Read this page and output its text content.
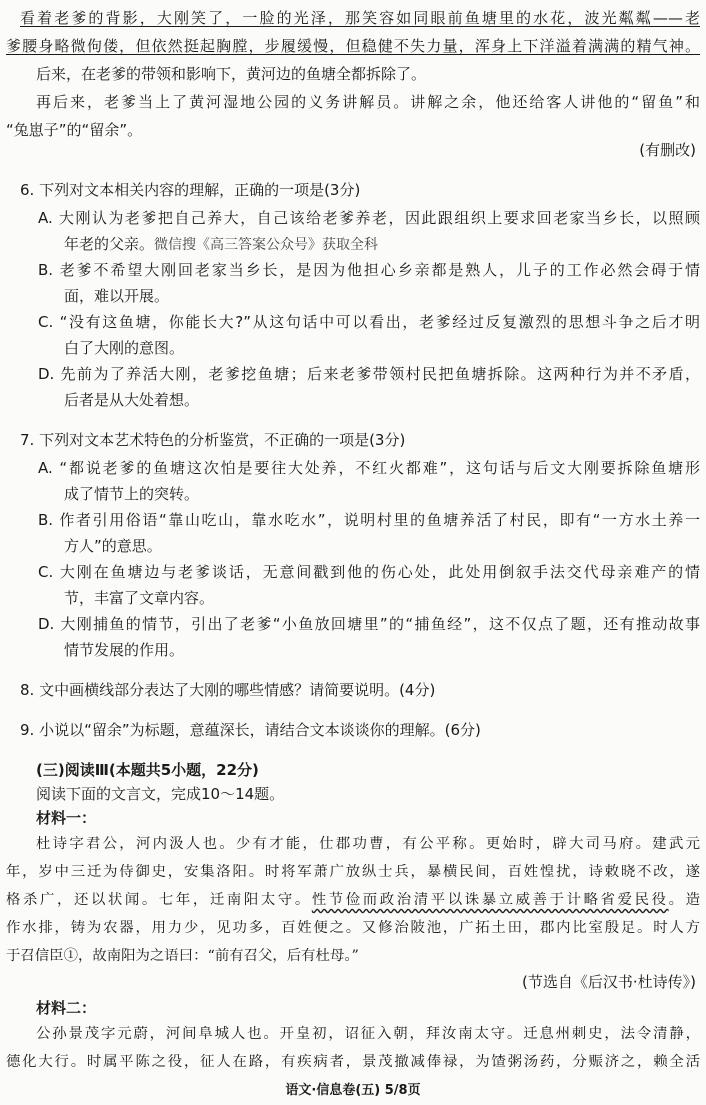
看着老爹的背影，大刚笑了，一脸的光泽，那笑容如同眼前鱼塘里的水花，波光粼粼——老

爹腰身略微佝偻，但依然挺起胸膛，步履缓慢，但稳健不失力量，浑身上下洋溢着满满的精气神。

后来，在老爹的带领和影响下，黄河边的鱼塘全都拆除了。

再后来，老爹当上了黄河湿地公园的义务讲解员。讲解之余，他还给客人讲他的“留鱼”和

“兔崽子”的“留余”。

(有删改)

6. 下列对文本相关内容的理解，正确的一项是(3分)

A. 大刚认为老爹把自己养大，自己该给老爹养老，因此跟组织上要求回老家当乡长，以照顾

年老的父亲。微信搜《高三答案公众号》获取全科

B. 老爹不希望大刚回老家当乡长，是因为他担心乡亲都是熟人，儿子的工作必然会碍于情

面，难以开展。

C. “没有这鱼塘，你能长大?”从这句话中可以看出，老爹经过反复激烈的思想斗争之后才明

白了大刚的意图。

D. 先前为了养活大刚，老爹挖鱼塘；后来老爹带领村民把鱼塘拆除。这两种行为并不矛盾，

后者是从大处着想。

7. 下列对文本艺术特色的分析鉴赏，不正确的一项是(3分)

A. “都说老爹的鱼塘这次怕是要往大处养，不红火都难”，这句话与后文大刚要拆除鱼塘形

成了情节上的突转。

B. 作者引用俗语“靠山吃山，靠水吃水”，说明村里的鱼塘养活了村民，即有“一方水土养一

方人”的意思。

C. 大刚在鱼塘边与老爹谈话，无意间戳到他的伤心处，此处用倒叙手法交代母亲难产的情

节，丰富了文章内容。

D. 大刚捕鱼的情节，引出了老爹“小鱼放回塘里”的“捕鱼经”，这不仅点了题，还有推动故事

情节发展的作用。

8. 文中画横线部分表达了大刚的哪些情感？请简要说明。(4分)

9. 小说以“留余”为标题，意蕴深长，请结合文本谈谈你的理解。(6分)

(三)阅读Ⅲ(本题共5小题，22分)

阅读下面的文言文，完成10～14题。

材料一：

杜诗字君公，河内汲人也。少有才能，仕郡功曹，有公平称。更始时，辟大司马府。建武元

年，岁中三迁为侍御史，安集洛阳。时将军萧广放纵士兵，暴横民间，百姓惶扰，诗敕晓不改，遂

格杀广，还以状闻。七年，迁南阳太守。性节俭而政治清平以诛暴立威善于计略省爱民役。造

作水排，铸为农器，用力少，见功多，百姓便之。又修治陂池，广拓土田，郡内比室殷足。时人方

于召信臣①，故南阳为之语曰：“前有召父，后有杜母。”

(节选自《后汉书·杜诗传》)

材料二：

公孙景茂字元蔚，河间阜城人也。开皇初，诏征入朝，拜汝南太守。迁息州刺史，法令清静，

德化大行。时属平陈之役，征人在路，有疾病者，景茂撤减俸禄，为馇粥汤药，分赈济之，赖全活

语文·信息卷(五) 5/8页
